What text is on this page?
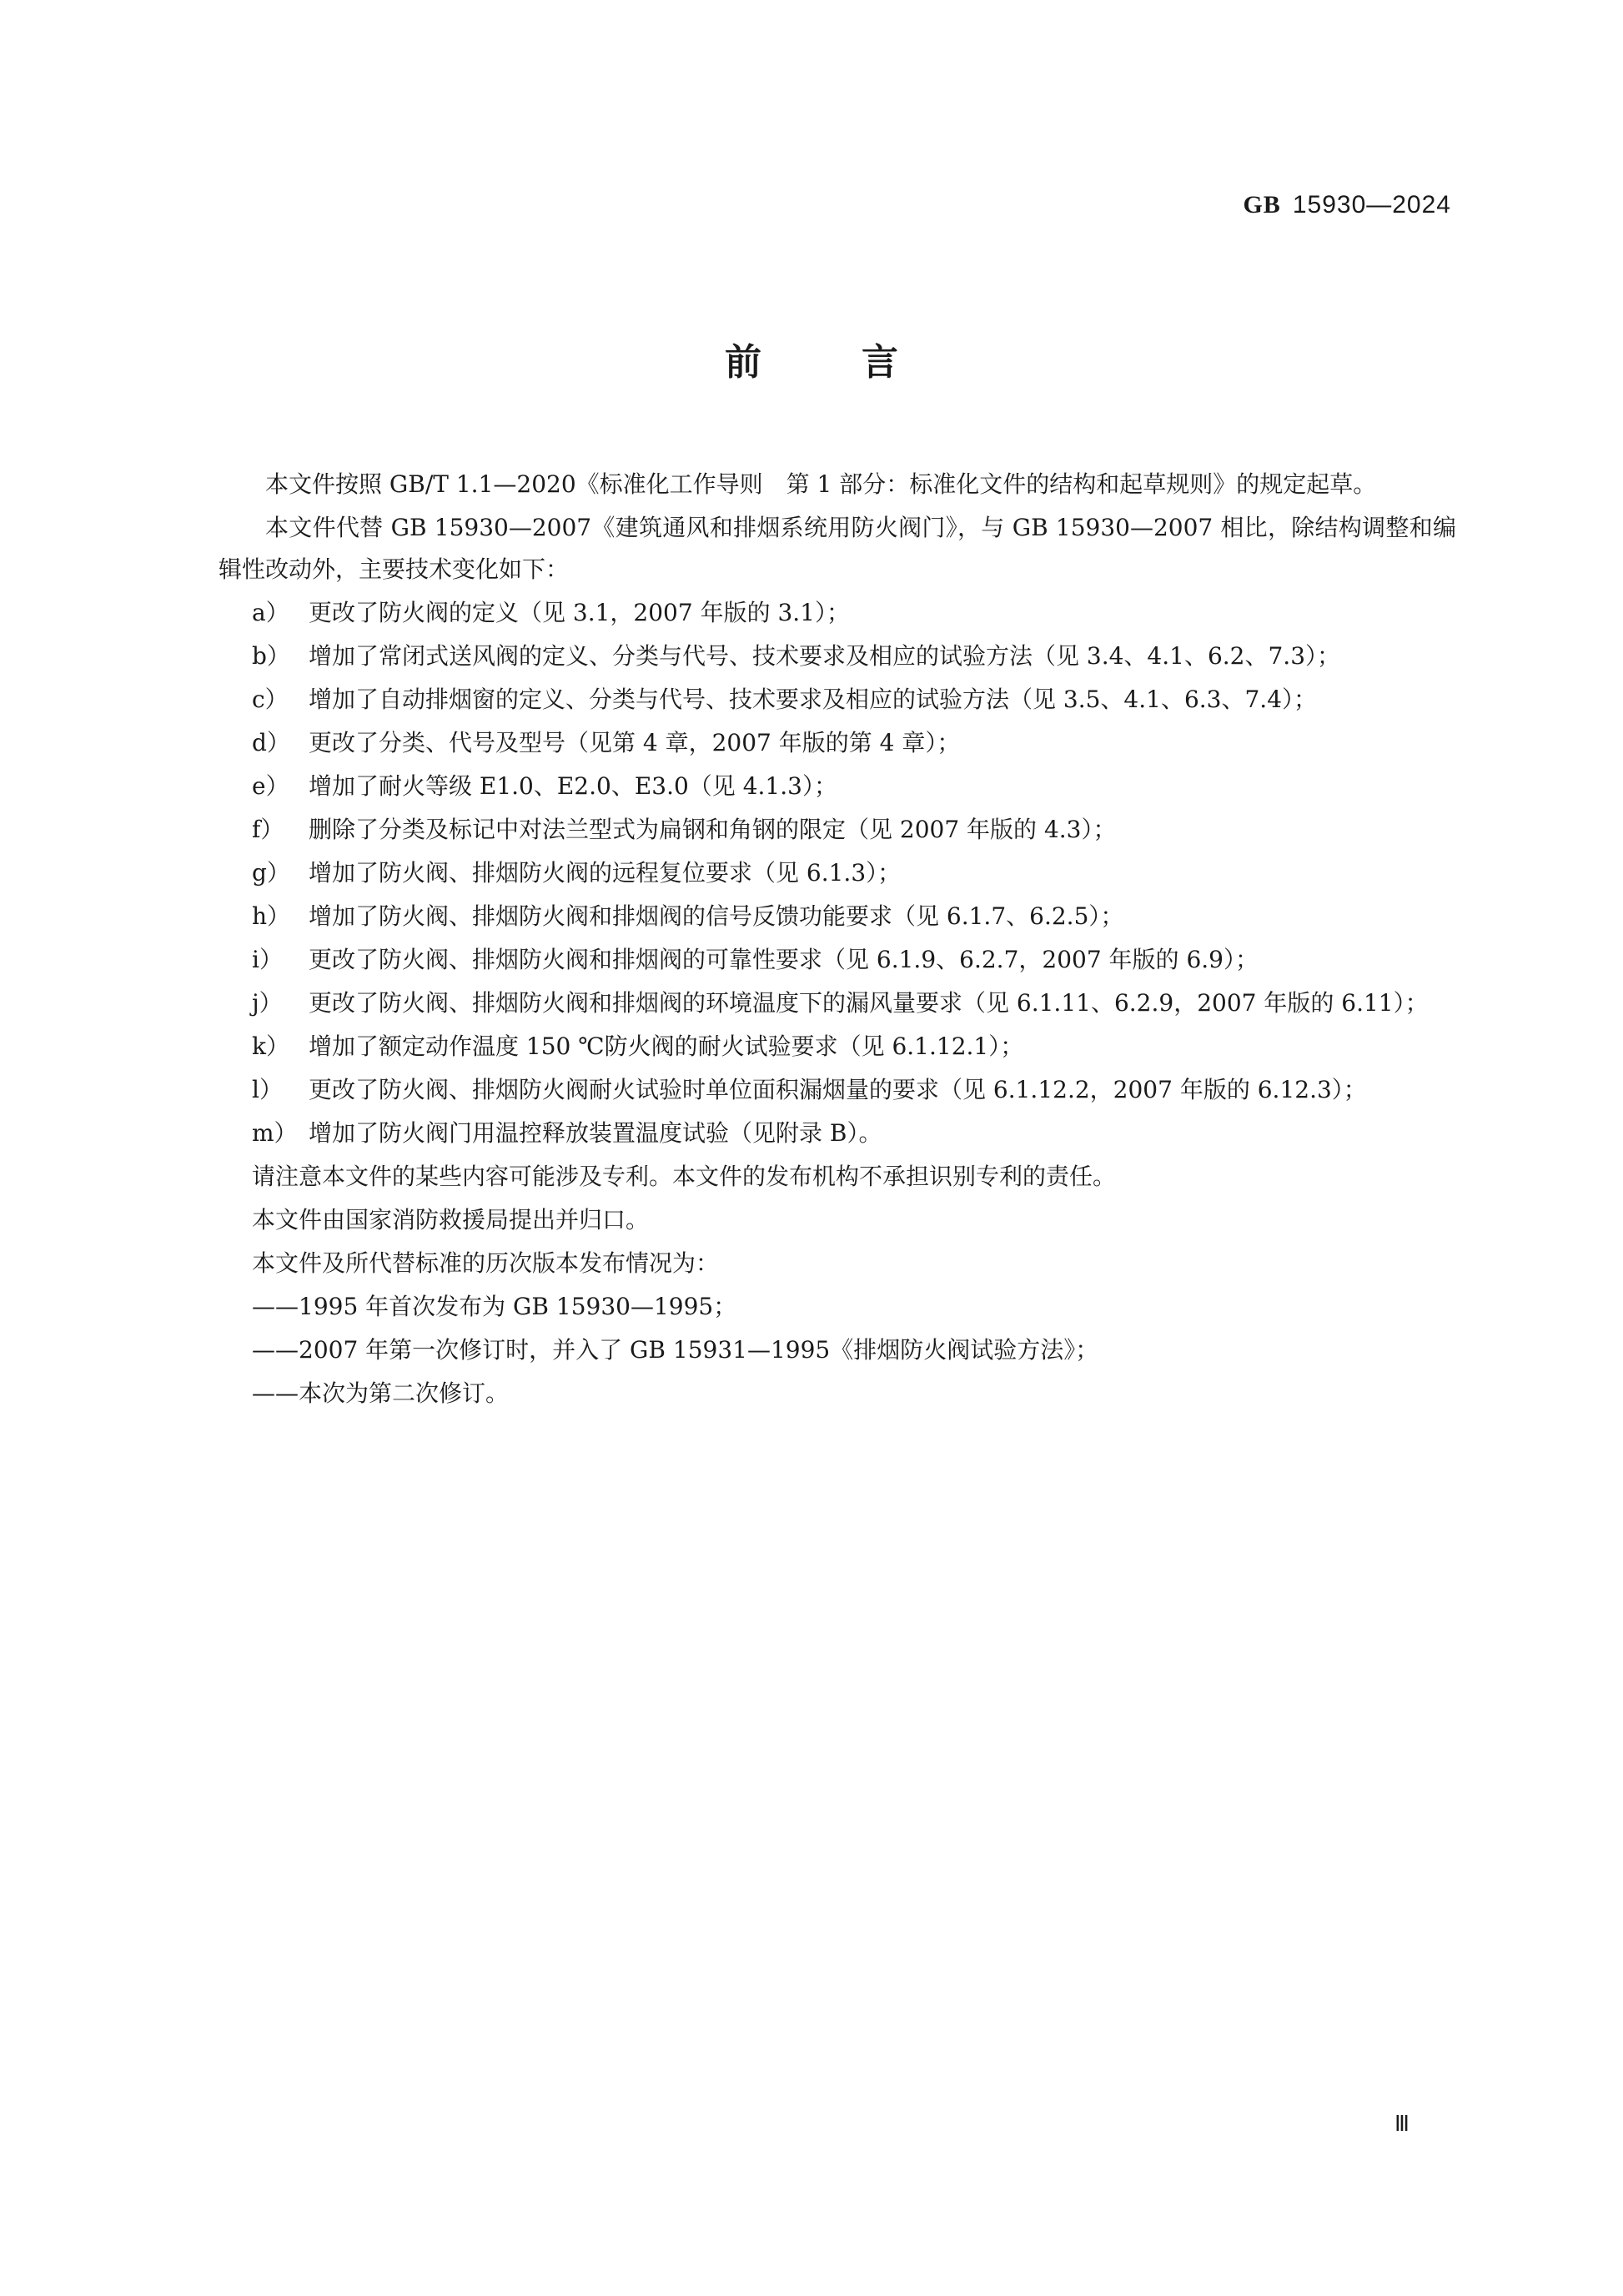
GB 15930—2024
前	言

本文件按照 GB/T 1.1—2020《标准化工作导则　第 1 部分：标准化文件的结构和起草规则》的规定起草。

本文件代替 GB 15930—2007《建筑通风和排烟系统用防火阀门》，与 GB 15930—2007 相比，除结构调整和编辑性改动外，主要技术变化如下：

a） 更改了防火阀的定义（见 3.1，2007 年版的 3.1）；
b） 增加了常闭式送风阀的定义、分类与代号、技术要求及相应的试验方法（见 3.4、4.1、6.2、7.3）；
c） 增加了自动排烟窗的定义、分类与代号、技术要求及相应的试验方法（见 3.5、4.1、6.3、7.4）；
d） 更改了分类、代号及型号（见第 4 章，2007 年版的第 4 章）；
e） 增加了耐火等级 E1.0、E2.0、E3.0（见 4.1.3）；
f）	删除了分类及标记中对法兰型式为扁钢和角钢的限定（见 2007 年版的 4.3）；
g） 增加了防火阀、排烟防火阀的远程复位要求（见 6.1.3）；
h） 增加了防火阀、排烟防火阀和排烟阀的信号反馈功能要求（见 6.1.7、6.2.5）；
i）	更改了防火阀、排烟防火阀和排烟阀的可靠性要求（见 6.1.9、6.2.7，2007 年版的 6.9）；
j）	更改了防火阀、排烟防火阀和排烟阀的环境温度下的漏风量要求（见 6.1.11、6.2.9，2007 年版的 6.11）；
k） 增加了额定动作温度 150 ℃防火阀的耐火试验要求（见 6.1.12.1）；
l）	更改了防火阀、排烟防火阀耐火试验时单位面积漏烟量的要求（见 6.1.12.2，2007 年版的 6.12.3）；
m） 增加了防火阀门用温控释放装置温度试验（见附录 B）。

请注意本文件的某些内容可能涉及专利。本文件的发布机构不承担识别专利的责任。

本文件由国家消防救援局提出并归口。

本文件及所代替标准的历次版本发布情况为：

——1995 年首次发布为 GB 15930—1995；

——2007 年第一次修订时，并入了 GB 15931—1995《排烟防火阀试验方法》；

——本次为第二次修订。

Ⅲ
